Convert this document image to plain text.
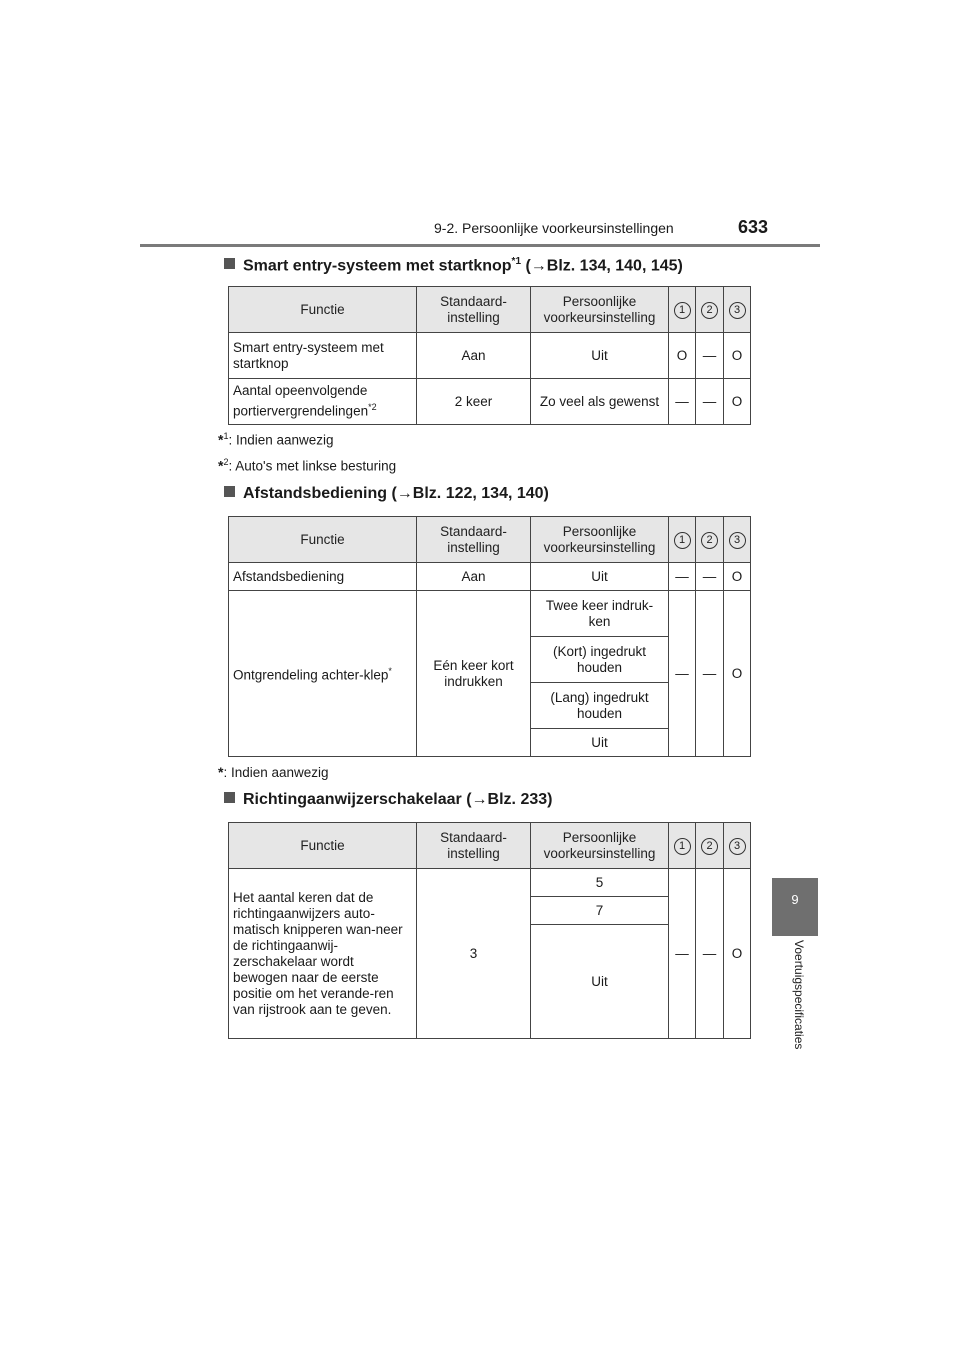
9-2. Persoonlijke voorkeursinstellingen	633
9
Voertuigspecificaties
Smart entry-systeem met startknop$^{*1}$ (→Blz. 134, 140, 145)
Functie	Standaard-instelling	Persoonlijke voorkeursinstelling	1	2	3
Smart entry-systeem met startknop	Aan	Uit	O	—	O
Aantal opeenvolgende portiervergrendelingen$^{*2}$	2 keer	Zo veel als gewenst	—	—	O
*$^1$: Indien aanwezig
*$^2$: Auto's met linkse besturing
Afstandsbediening (→Blz. 122, 134, 140)
Functie	Standaard-instelling	Persoonlijke voorkeursinstelling	1	2	3
Afstandsbediening	Aan	Uit	—	—	O
Ontgrendeling achter-klep*	Eén keer kort indrukken	Twee keer indruk-ken	—	—	O
		(Kort) ingedrukt houden			
		(Lang) ingedrukt houden			
		Uit			
*: Indien aanwezig
Richtingaanwijzerschakelaar (→Blz. 233)
Functie	Standaard-instelling	Persoonlijke voorkeursinstelling	1	2	3
Het aantal keren dat de richtingaanwijzers auto-matisch knipperen wan-neer de richtingaanwij-zerschakelaar wordt bewogen naar de eerste positie om het verande-ren van rijstrook aan te geven.	3	5	—	—	O
		7			
		Uit			
